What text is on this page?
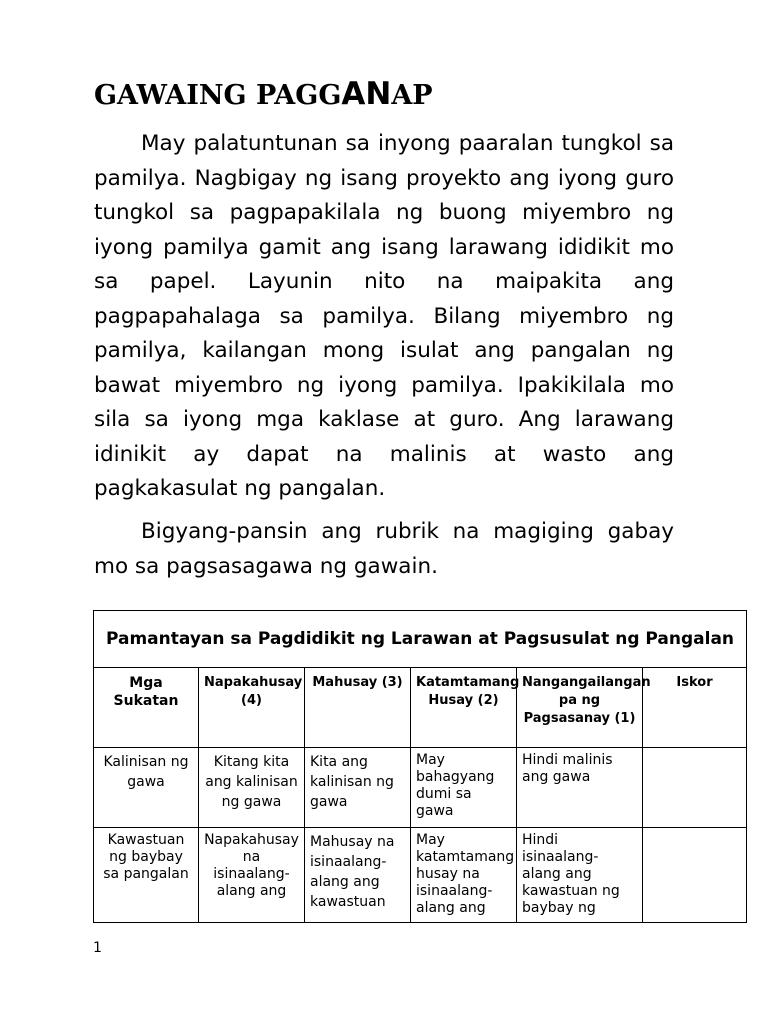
GAWAING PAGGANAP

May palatuntunan sa inyong paaralan tungkol sa pamilya. Nagbigay ng isang proyekto ang iyong guro tungkol sa pagpapakilala ng buong miyembro ng iyong pamilya gamit ang isang larawang ididikit mo sa papel. Layunin nito na maipakita ang pagpapahalaga sa pamilya. Bilang miyembro ng pamilya, kailangan mong isulat ang pangalan ng bawat miyembro ng iyong pamilya. Ipakikilala mo sila sa iyong mga kaklase at guro. Ang larawang idinikit ay dapat na malinis at wasto ang pagkakasulat ng pangalan.

Bigyang-pansin ang rubrik na magiging gabay mo sa pagsasagawa ng gawain.

Pamantayan sa Pagdidikit ng Larawan at Pagsusulat ng Pangalan					
Mga Sukatan	Napakahusay (4)	Mahusay (3)	Katamtamang Husay (2)	Nangangailangan pa ng Pagsasanay (1)	Iskor
Kalinisan ng gawa	Kitang kita ang kalinisan ng gawa	Kita ang kalinisan ng gawa	May bahagyang dumi sa gawa	Hindi malinis ang gawa	
Kawastuan ng baybay sa pangalan	Napakahusay na isinaalang-alang ang	Mahusay na isinaalang-alang ang kawastuan	May katamtamang husay na isinaalang-alang ang	Hindi isinaalang-alang ang kawastuan ng baybay ng	
1
